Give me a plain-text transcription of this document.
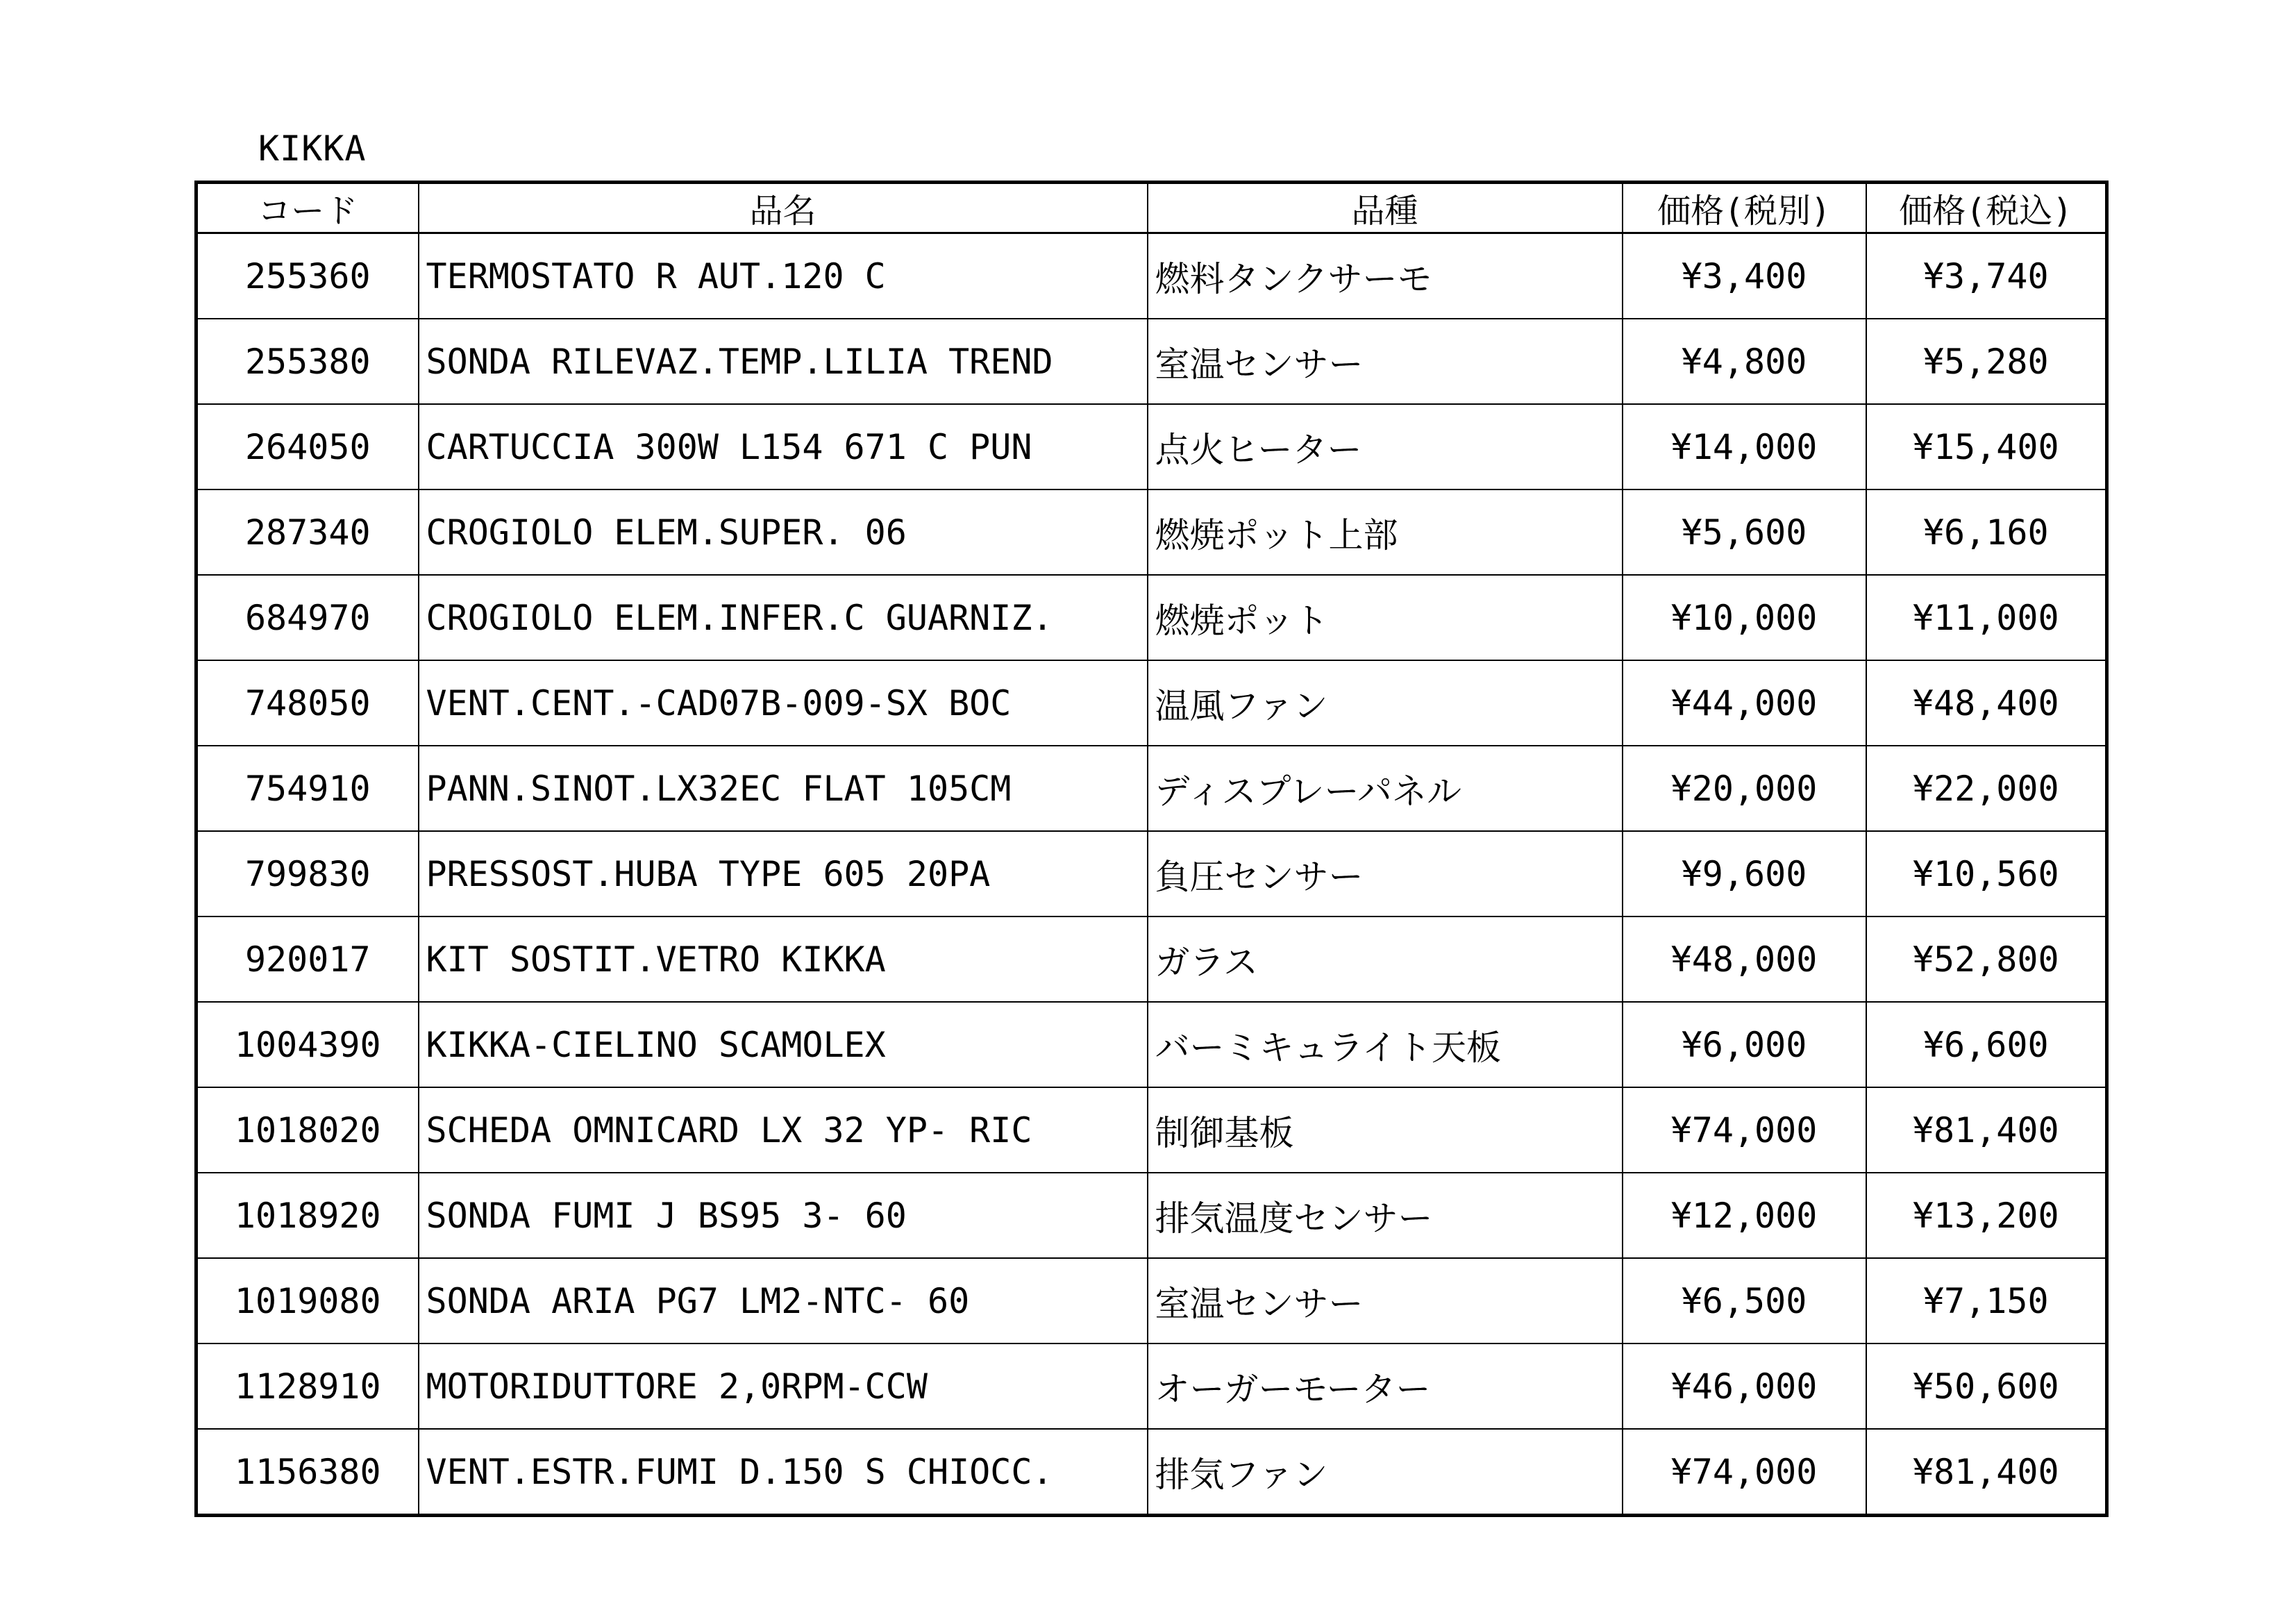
KIKKA
コード	品名	品種	価格(税別)	価格(税込)
255360	TERMOSTATO R AUT.120 C	燃料タンクサーモ	¥3,400	¥3,740
255380	SONDA RILEVAZ.TEMP.LILIA TREND	室温センサー	¥4,800	¥5,280
264050	CARTUCCIA 300W L154 671 C PUN	点火ヒーター	¥14,000	¥15,400
287340	CROGIOLO ELEM.SUPER. 06	燃焼ポット上部	¥5,600	¥6,160
684970	CROGIOLO ELEM.INFER.C GUARNIZ.	燃焼ポット	¥10,000	¥11,000
748050	VENT.CENT.-CAD07B-009-SX BOC	温風ファン	¥44,000	¥48,400
754910	PANN.SINOT.LX32EC FLAT 105CM	ディスプレーパネル	¥20,000	¥22,000
799830	PRESSOST.HUBA TYPE 605 20PA	負圧センサー	¥9,600	¥10,560
920017	KIT SOSTIT.VETRO KIKKA	ガラス	¥48,000	¥52,800
1004390	KIKKA-CIELINO SCAMOLEX	バーミキュライト天板	¥6,000	¥6,600
1018020	SCHEDA OMNICARD LX 32 YP- RIC	制御基板	¥74,000	¥81,400
1018920	SONDA FUMI J BS95 3- 60	排気温度センサー	¥12,000	¥13,200
1019080	SONDA ARIA PG7 LM2-NTC- 60	室温センサー	¥6,500	¥7,150
1128910	MOTORIDUTTORE 2,0RPM-CCW	オーガーモーター	¥46,000	¥50,600
1156380	VENT.ESTR.FUMI D.150 S CHIOCC.	排気ファン	¥74,000	¥81,400
